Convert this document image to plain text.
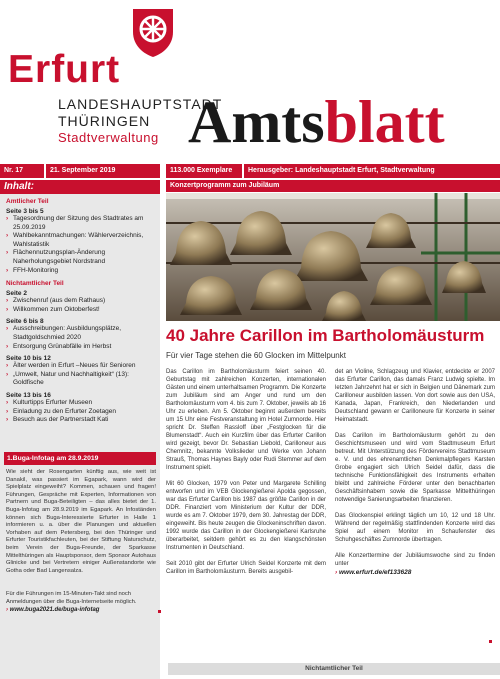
Erfurt
LANDESHAUPTSTADT
THÜRINGEN
Stadtverwaltung Amtsblatt
Nr. 17	21. September 2019	113.000 Exemplare	Herausgeber: Landeshauptstadt Erfurt, Stadtverwaltung
Inhalt:
Amtlicher Teil
Seite 3 bis 5
› Tagesordnung der Sitzung des Stadtrates am 25.09.2019
› Wahlbekanntmachungen: Wählerverzeichnis, Wahlstatistik
› Flächennutzungsplan-Änderung Naherholungsgebiet Nordstrand
› FFH-Monitoring
Nichtamtlicher Teil
Seite 2
› Zwischenruf (aus dem Rathaus)
› Willkommen zum Oktoberfest!
Seite 6 bis 8
› Ausschreibungen: Ausbildungsplätze, Stadtgoldschmied 2020
› Entsorgung Grünabfälle im Herbst
Seite 10 bis 12
› Älter werden in Erfurt –Neues für Senioren
› „Umwelt, Natur und Nachhaltigkeit“ (13): Goldfische
Seite 13 bis 16
› Kulturtipps Erfurter Museen
› Einladung zu den Erfurter Zoetagen
› Besuch aus der Partnerstadt Kati
1.Buga-Infotag am 28.9.2019
Wie sieht der Rosengarten künftig aus, wie weit ist Danakil, was passiert im Egapark, wann wird der Spielplatz eingeweiht? Kommen, schauen und fragen! Führungen, Gespräche mit Experten, Informationen von Partnern und Buga-Beteiligten – das alles bietet der 1. Buga-Infotag am 28.9.2019 im Egapark. An Infoständen können sich Buga-Interessierte Erfurter in Halle 1 informieren u. a. über die Planungen und aktuellen Vorhaben auf dem Petersberg, bei den Thüringer und Erfurter Touristikfachleuten, bei der Stiftung Naturschutz, beim Verein der Buga-Freunde, der Sparkasse Mittelthüringen als Hauptsponsor, dem Sponsor Autohaus Glinicke und bei Vertretern einiger Außenstandorte wie Gotha oder Bad Langensalza.
Für die Führungen im 15-Minuten-Takt sind noch Anmeldungen über die Buga-Internetseite möglich.
› www.buga2021.de/buga-infotag
Konzertprogramm zum Jubiläum
40 Jahre Carillon im Bartholomäusturm
Für vier Tage stehen die 60 Glocken im Mittelpunkt
Das Carillon im Bartholomäusturm feiert seinen 40. Geburtstag mit zahlreichen Konzerten, internationalen Gästen und einem unterhaltsamen Programm. Die Konzerte zum Jubiläum sind am Anger und rund um den Bartholomäusturm vom 4. bis zum 7. Oktober, jeweils ab 16 Uhr zu erleben. Am 5. Oktober beginnt außerdem bereits um 15 Uhr eine Festveranstaltung im Hotel Zumnorde. Hier spricht Dr. Steffen Rassloff über „Festglocken für die Blumenstadt“. Auch ein Kurzfilm über das Erfurter Carillon wird gezeigt, bevor Dr. Sebastian Liebold, Carilloneur aus Chemnitz, bekannte Volkslieder und Werke von Johann Strauß, Thomas Haynes Bayly oder Rudi Stemmer auf dem Instrument spielt.
Mit 60 Glocken, 1979 von Peter und Margarete Schilling entworfen und im VEB Glockengießerei Apolda gegossen, war das Erfurter Carillon bis 1987 das größte Carillon in der DDR. Finanziert vom Ministerium der Kultur der DDR, wurde es am 7. Oktober 1979, dem 30. Jahrestag der DDR, eingeweiht. Bis heute zeugen die Glockeninschriften davon. 1992 wurde das Carillon in der Glockengießerei Karlsruhe überarbeitet, seitdem gehört es zu den klangschönsten Instrumenten in Deutschland.
Seit 2010 gibt der Erfurter Ulrich Seidel Konzerte mit dem Carillon im Bartholomäusturm. Bereits ausgebil-
det an Violine, Schlagzeug und Klavier, entdeckte er 2007 das Erfurter Carillon, das damals Franz Ludwig spielte. Im letzten Jahrzehnt hat er sich in Belgien und Dänemark zum Carilloneur ausbilden lassen. Von dort sowie aus den USA, Kanada, Japan, Frankreich, den Niederlanden und Deutschland gewann er Carilloneure für Konzerte in seiner Heimatstadt.
Das Carillon im Bartholomäusturm gehört zu den Geschichtsmuseen und wird vom Stadtmuseum Erfurt betreut. Mit Unterstützung des Fördervereins Stadtmuseum e. V. und des ehrenamtlichen Denkmalpflegers Karsten Grobe engagiert sich Ulrich Seidel dafür, dass die technische Funktionsfähigkeit des Instruments erhalten bleibt und zahlreiche Förderer unter den benachbarten Geschäftsinhabern sowie die Sparkasse Mittelthüringen notwendige Sanierungsarbeiten finanzieren.
Das Glockenspiel erklingt täglich um 10, 12 und 18 Uhr. Während der regelmäßig stattfindenden Konzerte wird das Spiel auf einem Monitor im Schaufenster des Schuhgeschäftes Zumnorde übertragen.
Alle Konzerttermine der Jubiläumswoche sind zu finden unter
› www.erfurt.de/ef133628
Nichtamtlicher Teil
